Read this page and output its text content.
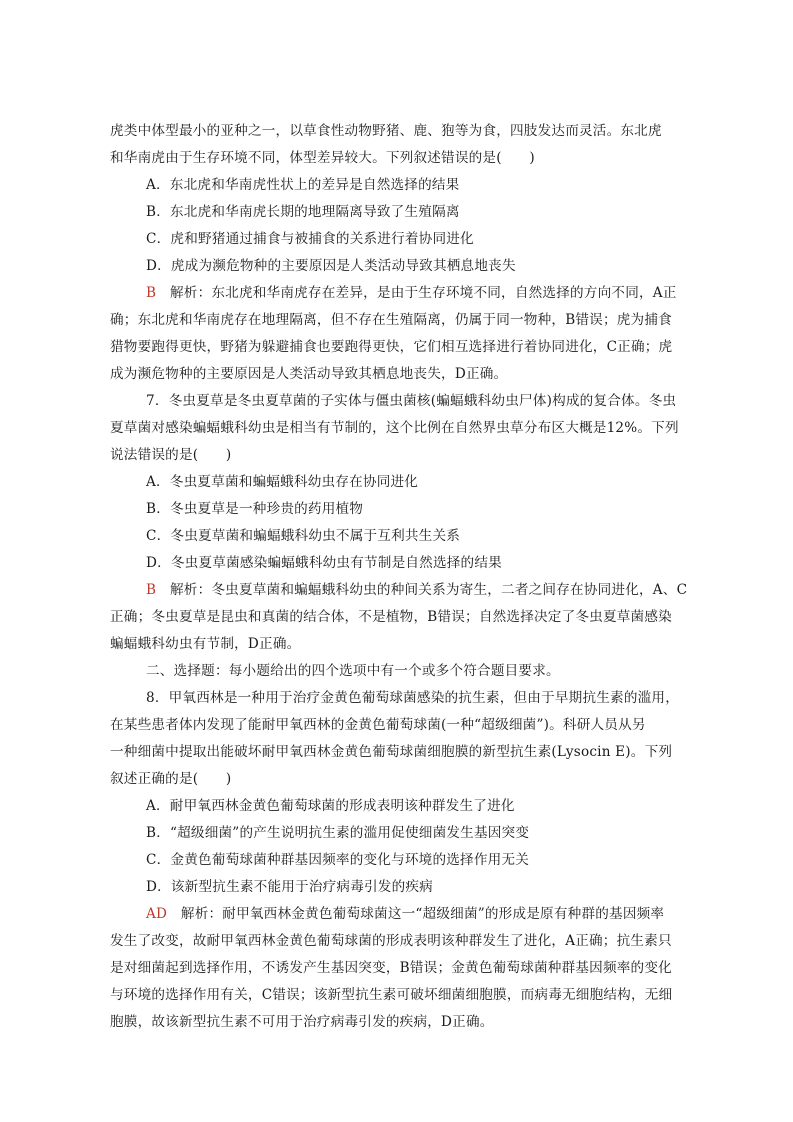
虎类中体型最小的亚种之一，以草食性动物野猪、鹿、狍等为食，四肢发达而灵活。东北虎
和华南虎由于生存环境不同，体型差异较大。下列叙述错误的是(　　)
A．东北虎和华南虎性状上的差异是自然选择的结果
B．东北虎和华南虎长期的地理隔离导致了生殖隔离
C．虎和野猪通过捕食与被捕食的关系进行着协同进化
D．虎成为濒危物种的主要原因是人类活动导致其栖息地丧失
B　解析：东北虎和华南虎存在差异，是由于生存环境不同，自然选择的方向不同，A正
确；东北虎和华南虎存在地理隔离，但不存在生殖隔离，仍属于同一物种，B错误；虎为捕食
猎物要跑得更快，野猪为躲避捕食也要跑得更快，它们相互选择进行着协同进化，C正确；虎
成为濒危物种的主要原因是人类活动导致其栖息地丧失，D正确。
7．冬虫夏草是冬虫夏草菌的子实体与僵虫菌核(蝙蝠蛾科幼虫尸体)构成的复合体。冬虫
夏草菌对感染蝙蝠蛾科幼虫是相当有节制的，这个比例在自然界虫草分布区大概是12%。下列
说法错误的是(　　)
A．冬虫夏草菌和蝙蝠蛾科幼虫存在协同进化
B．冬虫夏草是一种珍贵的药用植物
C．冬虫夏草菌和蝙蝠蛾科幼虫不属于互利共生关系
D．冬虫夏草菌感染蝙蝠蛾科幼虫有节制是自然选择的结果
B　解析：冬虫夏草菌和蝙蝠蛾科幼虫的种间关系为寄生，二者之间存在协同进化，A、C
正确；冬虫夏草是昆虫和真菌的结合体，不是植物，B错误；自然选择决定了冬虫夏草菌感染
蝙蝠蛾科幼虫有节制，D正确。
二、选择题：每小题给出的四个选项中有一个或多个符合题目要求。
8．甲氧西林是一种用于治疗金黄色葡萄球菌感染的抗生素，但由于早期抗生素的滥用，
在某些患者体内发现了能耐甲氧西林的金黄色葡萄球菌(一种“超级细菌”)。科研人员从另
一种细菌中提取出能破坏耐甲氧西林金黄色葡萄球菌细胞膜的新型抗生素(Lysocin E)。下列
叙述正确的是(　　)
A．耐甲氧西林金黄色葡萄球菌的形成表明该种群发生了进化
B．“超级细菌”的产生说明抗生素的滥用促使细菌发生基因突变
C．金黄色葡萄球菌种群基因频率的变化与环境的选择作用无关
D．该新型抗生素不能用于治疗病毒引发的疾病
AD　解析：耐甲氧西林金黄色葡萄球菌这一“超级细菌”的形成是原有种群的基因频率
发生了改变，故耐甲氧西林金黄色葡萄球菌的形成表明该种群发生了进化，A正确；抗生素只
是对细菌起到选择作用，不诱发产生基因突变，B错误；金黄色葡萄球菌种群基因频率的变化
与环境的选择作用有关，C错误；该新型抗生素可破坏细菌细胞膜，而病毒无细胞结构，无细
胞膜，故该新型抗生素不可用于治疗病毒引发的疾病，D正确。
